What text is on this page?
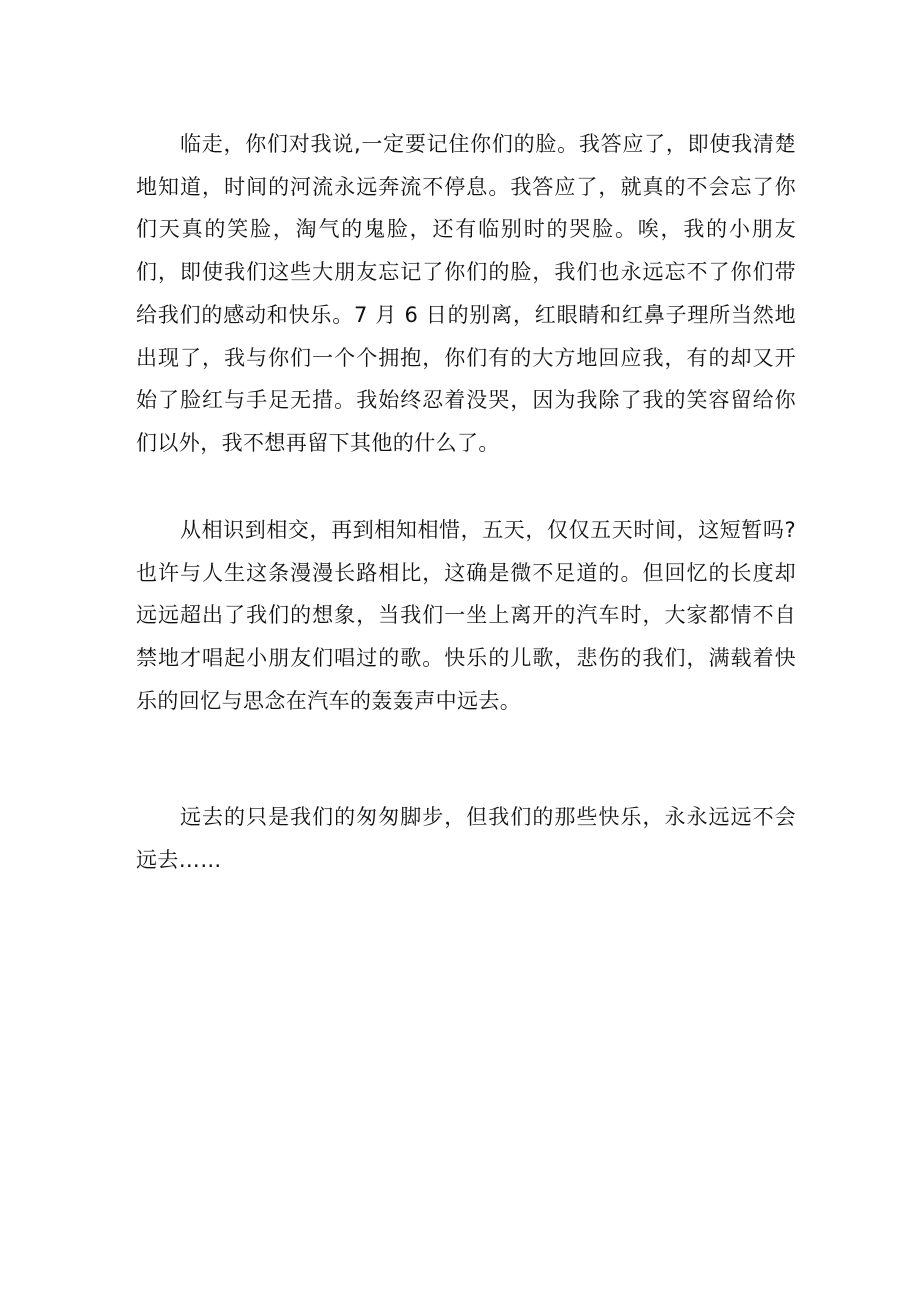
临走，你们对我说,一定要记住你们的脸。我答应了，即使我清楚地知道，时间的河流永远奔流不停息。我答应了，就真的不会忘了你们天真的笑脸，淘气的鬼脸，还有临别时的哭脸。唉，我的小朋友们，即使我们这些大朋友忘记了你们的脸，我们也永远忘不了你们带给我们的感动和快乐。7 月 6 日的别离，红眼睛和红鼻子理所当然地出现了，我与你们一个个拥抱，你们有的大方地回应我，有的却又开始了脸红与手足无措。我始终忍着没哭，因为我除了我的笑容留给你们以外，我不想再留下其他的什么了。

从相识到相交，再到相知相惜，五天，仅仅五天时间，这短暂吗?也许与人生这条漫漫长路相比，这确是微不足道的。但回忆的长度却远远超出了我们的想象，当我们一坐上离开的汽车时，大家都情不自禁地才唱起小朋友们唱过的歌。快乐的儿歌，悲伤的我们，满载着快乐的回忆与思念在汽车的轰轰声中远去。

远去的只是我们的匆匆脚步，但我们的那些快乐，永永远远不会远去……
